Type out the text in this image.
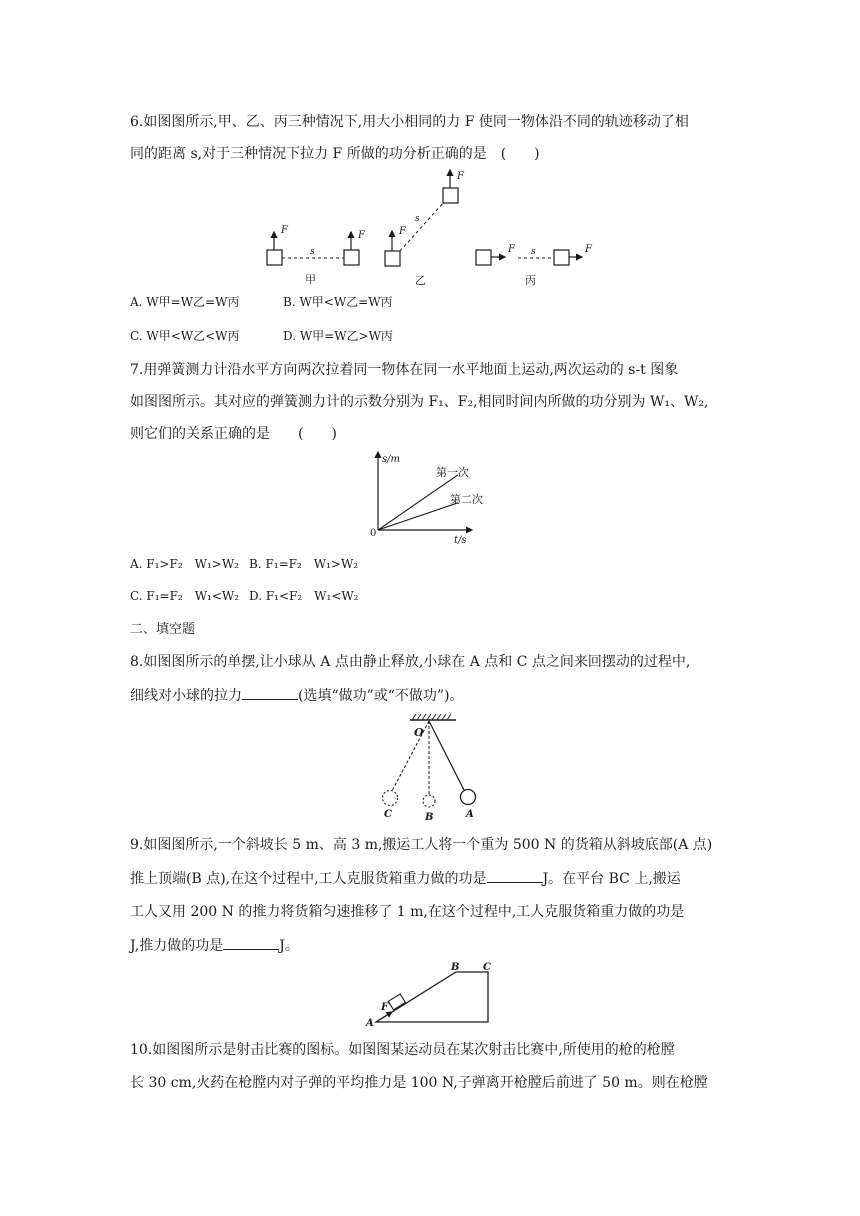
6.如图图所示,甲、乙、丙三种情况下,用大小相同的力 F 使同一物体沿不同的轨迹移动了相
同的距离 s,对于三种情况下拉力 F 所做的功分析正确的是　(　　)
F
s
F
甲
F
s
F
乙
F s	F
丙
A. W甲=W乙=W丙	B. W甲<W乙=W丙
C. W甲<W乙<W丙	D. W甲=W乙>W丙
7.用弹簧测力计沿水平方向两次拉着同一物体在同一水平地面上运动,两次运动的 s-t 图象
如图图所示。其对应的弹簧测力计的示数分别为 F₁、F₂,相同时间内所做的功分别为 W₁、W₂,
则它们的关系正确的是　　(　　)
s/m
t/s
0
第一次
第二次
A. F₁>F₂　W₁>W₂ B. F₁=F₂　W₁>W₂
C. F₁=F₂　W₁<W₂ D. F₁<F₂　W₁<W₂
二、填空题
8.如图图所示的单摆,让小球从 A 点由静止释放,小球在 A 点和 C 点之间来回摆动的过程中,
细线对小球的拉力	(选填“做功”或“不做功”)。
O
C	B	A
9.如图图所示,一个斜坡长 5 m、高 3 m,搬运工人将一个重为 500 N 的货箱从斜坡底部(A 点)
推上顶端(B 点),在这个过程中,工人克服货箱重力做的功是	J。在平台 BC 上,搬运
工人又用 200 N 的推力将货箱匀速推移了 1 m,在这个过程中,工人克服货箱重力做的功是
J,推力做的功是	J。
B C
F
A
10.如图图所示是射击比赛的图标。如图图某运动员在某次射击比赛中,所使用的枪的枪膛
长 30 cm,火药在枪膛内对子弹的平均推力是 100 N,子弹离开枪膛后前进了 50 m。则在枪膛
